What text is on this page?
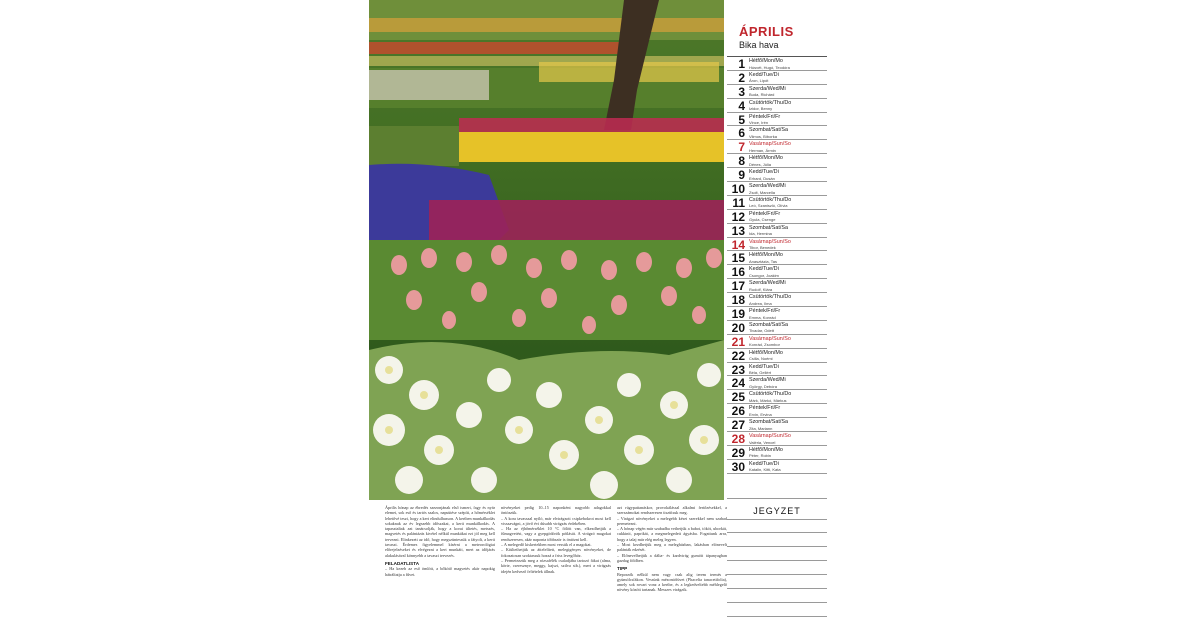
ÁPRILIS
Bika hava
1 Hétfő/Mon/Mo
Húsvét, Hugó, Teodóra
2 Kedd/Tue/Di
Áron, Lipót
3 Szerda/Wed/Mi
Buda, Richárd
4 Csütörtök/Thu/Do
Izidor, Benny
5 Péntek/Fri/Fr
Vince, Irén
6 Szombat/Sat/Sa
Vilmos, Bíborka
7 Vasárnap/Sun/So
Herman, Ármin
8 Hétfő/Mon/Mo
Dénes, Júlia
9 Kedd/Tue/Di
Erhard, Dusán
10 Szerda/Wed/Mi
Zsolt, Marcella
11 Csütörtök/Thu/Do
Leó, Szaniszló, Olívia
12 Péntek/Fri/Fr
Gyula, Csenge
13 Szombat/Sat/Sa
Ida, Hermina
14 Vasárnap/Sun/So
Tibor, Benedek
15 Hétfő/Mon/Mo
Anasztázia, Tas
16 Kedd/Tue/Di
Csongor, Joakim
17 Szerda/Wed/Mi
Rudolf, Klára
18 Csütörtök/Thu/Do
Andrea, Ilma
19 Péntek/Fri/Fr
Emma, Konrád
20 Szombat/Sat/Sa
Tivadar, Odett
21 Vasárnap/Sun/So
Konrád, Zsombor
22 Hétfő/Mon/Mo
Csilla, Noémi
23 Kedd/Tue/Di
Béla, Gellért
24 Szerda/Wed/Mi
György, Debóra
25 Csütörtök/Thu/Do
Márk, Márkó, Márkus
26 Péntek/Fri/Fr
Ervin, Ervina
27 Szombat/Sat/Sa
Zita, Mariann
28 Vasárnap/Sun/So
Valéria, Vencel
29 Hétfő/Mon/Mo
Péter, Robin
30 Kedd/Tue/Di
Katalin, Kitti, Kata
JEGYZET
Április hónap az ébredés szezonjának első ismert, fagy és nyár elemei, sok eső és tartós szalos, napsütése szépíti, a hőmérséklet lehetővé teszi, hogy a kert elindulhasson. A kertben munkálkodás sokaknak az év legszebb időszakai, a kerti munkálkodás. A tapasztaltak azt tanácsolják, hogy a korai ültetés, metszés, magvetés és palántázás kivétel nélkül munkákat ezt jól meg kell tervezni. Elinkezett az idő, hogy megszüntessük a fátyolt, a kerti tavaszt. Érdemes figyelemmel kísérni a meteorológiai előrejelzéseket és elvégezni a kert munkáit, mert az időjárás alakulásával könnyebb a tavaszi tervezés.
FELADATLISTA
– Ha kezeb az eső ömlött, a bőkötő magvetés akár napokig hátráltatja a fűvet.
növényeket pedig 10–15 naponként nagyobb adagokkal öntözzük.
– A kora tavasszal nyíló, már elvirágzott csipkebokrot most kell visszavágni, a jövő évi dúsabb virágzás érdekében.
– Ha az éjhőmérséklet 10 °C fölött van, elkezdhetjük a fűmagvetést, vagy a gyepgödörök pótlását. A virágzó magokat rendszeresen, akár naponta többször is öntözni kell.
– A melegedő kiskertekben most vessük el a magokat.
– Kiültethetjük az áttelelített, melegigényes növényeket, de fokozatosan szoktassuk hozzá a friss levegőhöz.
– Permetezzük meg a rózsafélék csaladjába tartozó fákat (alma, körte, cseresznye, meggy, kajszi, szilva stb.), mert a virágzás idején kedvező feltételek állnak.
azt rügypattanáskor, provokálással alkalmi fertőzésekkel, a szerszámokat rendszeresen tisztítsuk meg.
– Virágzó növényeket a melegebb kései szerekkel nem szabad permetezni.
– A hónap végén már szabadba vethetjük a babot, tököt, uborkát, cukkinit, paprikát, a megmelegedett ágyásba. Fogattunk arra, hogy a talaj már elég meleg legyen.
– Most kezdhetjük meg a melegházban, lakásban elönevelt palánták edzését.
– Előnevelhetjük a dália- és kardvirág gumóit tápanyagban gazdag földben.
TIPP
Beporzók nélkül nem vagy csak alig terem termés a gyümölcsfákon. Vessünk mézontófüvet (Phacelia tanacetifolia), amely sok rovart vonz a kertbe, és a legkedveltebb méhlegelő növény között tartanak. Messzes virágzik.
